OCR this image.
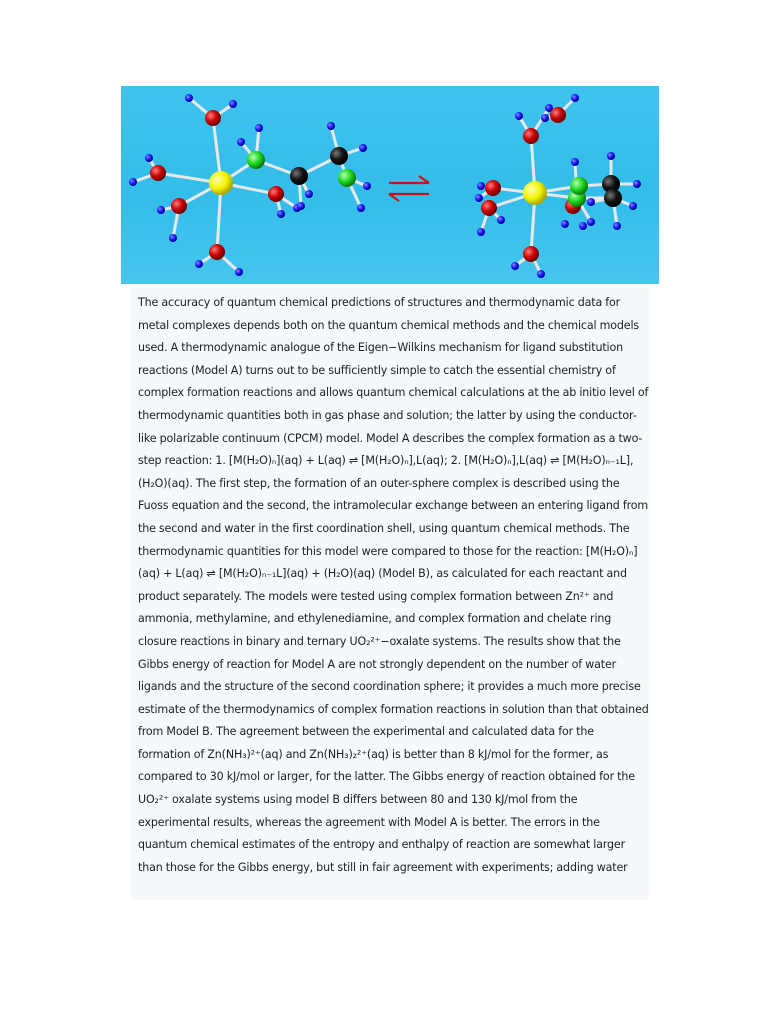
The accuracy of quantum chemical predictions of structures and thermodynamic data for metal complexes depends both on the quantum chemical methods and the chemical models used. A thermodynamic analogue of the Eigen−Wilkins mechanism for ligand substitution reactions (Model A) turns out to be sufficiently simple to catch the essential chemistry of complex formation reactions and allows quantum chemical calculations at the ab initio level of thermodynamic quantities both in gas phase and solution; the latter by using the conductor-like polarizable continuum (CPCM) model. Model A describes the complex formation as a two-step reaction: 1. [M(H₂O)ₙ](aq) + L(aq) ⇌ [M(H₂O)ₙ],L(aq); 2. [M(H₂O)ₙ],L(aq) ⇌ [M(H₂O)ₙ₋₁L],(H₂O)(aq). The first step, the formation of an outer-sphere complex is described using the Fuoss equation and the second, the intramolecular exchange between an entering ligand from the second and water in the first coordination shell, using quantum chemical methods. The thermodynamic quantities for this model were compared to those for the reaction: [M(H₂O)ₙ](aq) + L(aq) ⇌ [M(H₂O)ₙ₋₁L](aq) + (H₂O)(aq) (Model B), as calculated for each reactant and product separately. The models were tested using complex formation between Zn²⁺ and ammonia, methylamine, and ethylenediamine, and complex formation and chelate ring closure reactions in binary and ternary UO₂²⁺−oxalate systems. The results show that the Gibbs energy of reaction for Model A are not strongly dependent on the number of water ligands and the structure of the second coordination sphere; it provides a much more precise estimate of the thermodynamics of complex formation reactions in solution than that obtained from Model B. The agreement between the experimental and calculated data for the formation of Zn(NH₃)²⁺(aq) and Zn(NH₃)₂²⁺(aq) is better than 8 kJ/mol for the former, as compared to 30 kJ/mol or larger, for the latter. The Gibbs energy of reaction obtained for the UO₂²⁺ oxalate systems using model B differs between 80 and 130 kJ/mol from the experimental results, whereas the agreement with Model A is better. The errors in the quantum chemical estimates of the entropy and enthalpy of reaction are somewhat larger than those for the Gibbs energy, but still in fair agreement with experiments; adding water
